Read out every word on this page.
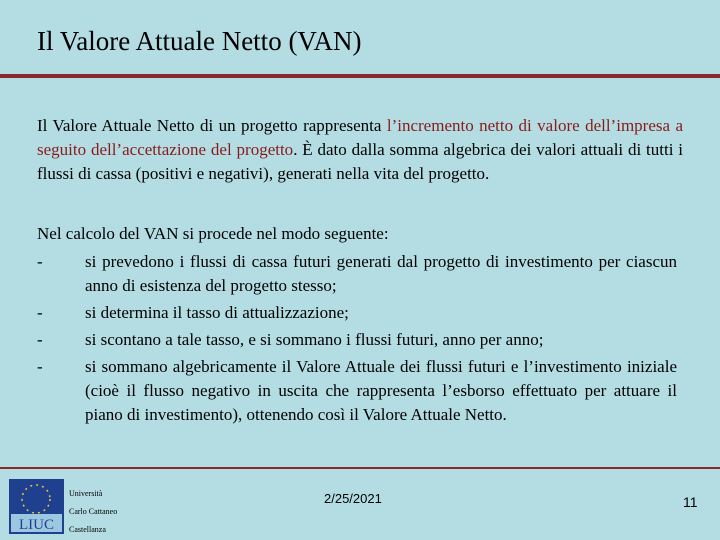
Il Valore Attuale Netto (VAN)

Il Valore Attuale Netto di un progetto rappresenta l’incremento netto di valore dell’impresa a seguito dell’accettazione del progetto. È dato dalla somma algebrica dei valori attuali di tutti i flussi di cassa (positivi e negativi), generati nella vita del progetto.

Nel calcolo del VAN si procede nel modo seguente:

-	si prevedono i flussi di cassa futuri generati dal progetto di investimento per ciascun anno di esistenza del progetto stesso;
-	si determina il tasso di attualizzazione;
-	si scontano a tale tasso, e si sommano i flussi futuri, anno per anno;
-	si sommano algebricamente il Valore Attuale dei flussi futuri e l’investimento iniziale (cioè il flusso negativo in uscita che rappresenta l’esborso effettuato per attuare il piano di investimento), ottenendo così il Valore Attuale Netto.
LIUC
Università
Carlo Cattaneo
Castellanza
2/25/2021	11
